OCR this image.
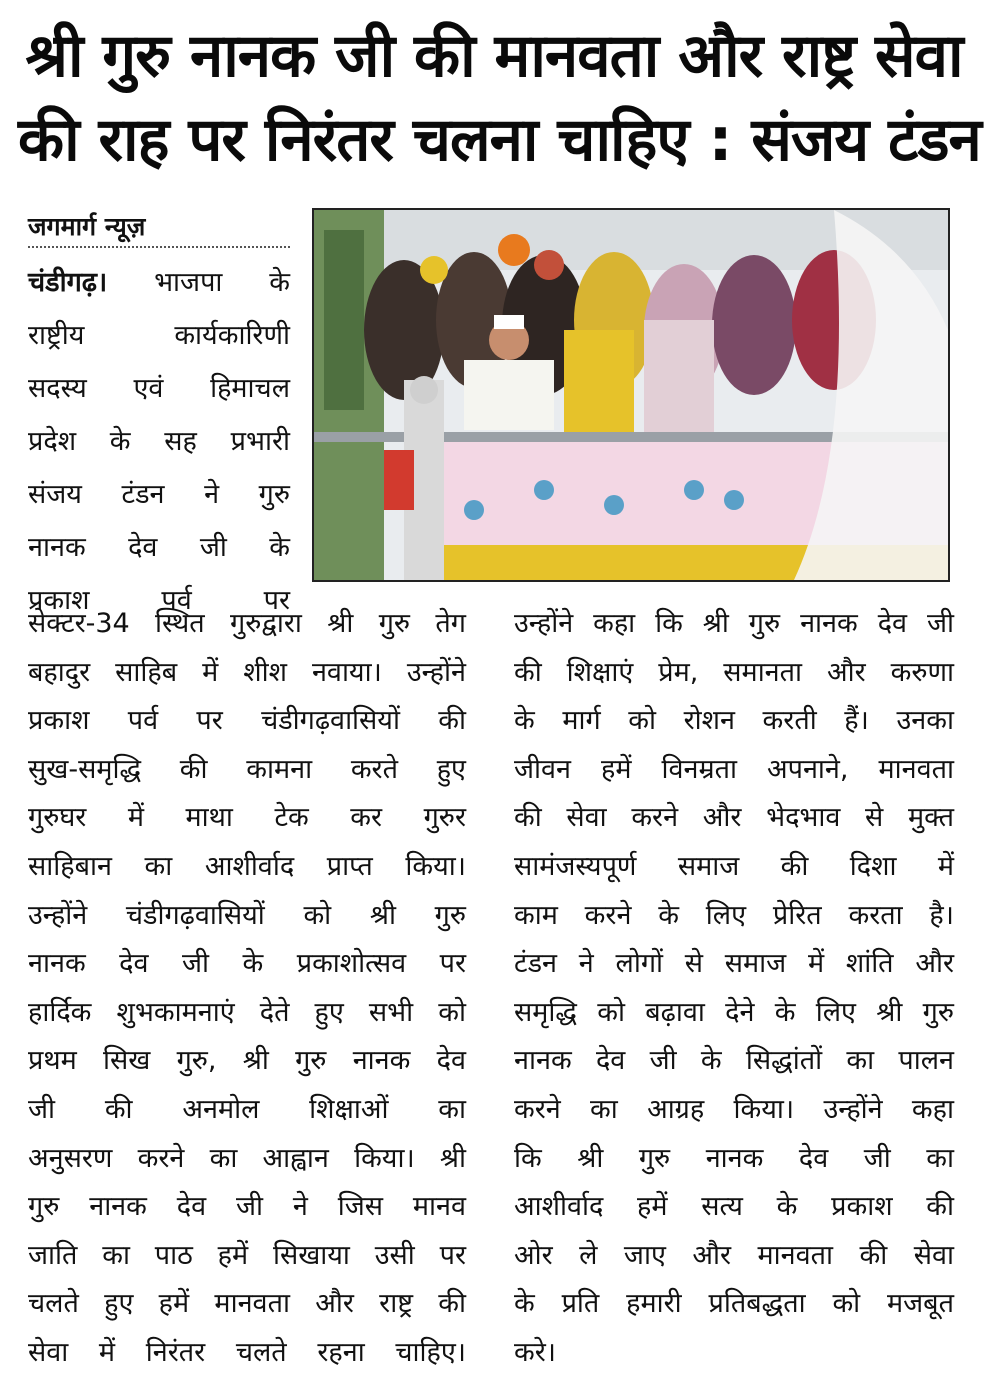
श्री गुरु नानक जी की मानवता और राष्ट्र सेवा
की राह पर निरंतर चलना चाहिए : संजय टंडन
जगमार्ग न्यूज़
चंडीगढ़। भाजपा के
राष्ट्रीय कार्यकारिणी
सदस्य एवं हिमाचल
प्रदेश के सह प्रभारी
संजय टंडन ने गुरु
नानक देव जी के
प्रकाश पर्व पर
सेक्टर-34 स्थित गुरुद्वारा श्री गुरु तेग
बहादुर साहिब में शीश नवाया। उन्होंने
प्रकाश पर्व पर चंडीगढ़वासियों की
सुख-समृद्धि की कामना करते हुए
गुरुघर में माथा टेक कर गुरुर
साहिबान का आशीर्वाद प्राप्त किया।
उन्होंने चंडीगढ़वासियों को श्री गुरु
नानक देव जी के प्रकाशोत्सव पर
हार्दिक शुभकामनाएं देते हुए सभी को
प्रथम सिख गुरु, श्री गुरु नानक देव
जी की अनमोल शिक्षाओं का
अनुसरण करने का आह्वान किया। श्री
गुरु नानक देव जी ने जिस मानव
जाति का पाठ हमें सिखाया उसी पर
चलते हुए हमें मानवता और राष्ट्र की
सेवा में निरंतर चलते रहना चाहिए।
उन्होंने कहा कि श्री गुरु नानक देव जी
की शिक्षाएं प्रेम, समानता और करुणा
के मार्ग को रोशन करती हैं। उनका
जीवन हमें विनम्रता अपनाने, मानवता
की सेवा करने और भेदभाव से मुक्त
सामंजस्यपूर्ण समाज की दिशा में
काम करने के लिए प्रेरित करता है।
टंडन ने लोगों से समाज में शांति और
समृद्धि को बढ़ावा देने के लिए श्री गुरु
नानक देव जी के सिद्धांतों का पालन
करने का आग्रह किया। उन्होंने कहा
कि श्री गुरु नानक देव जी का
आशीर्वाद हमें सत्य के प्रकाश की
ओर ले जाए और मानवता की सेवा
के प्रति हमारी प्रतिबद्धता को मजबूत
करे।
